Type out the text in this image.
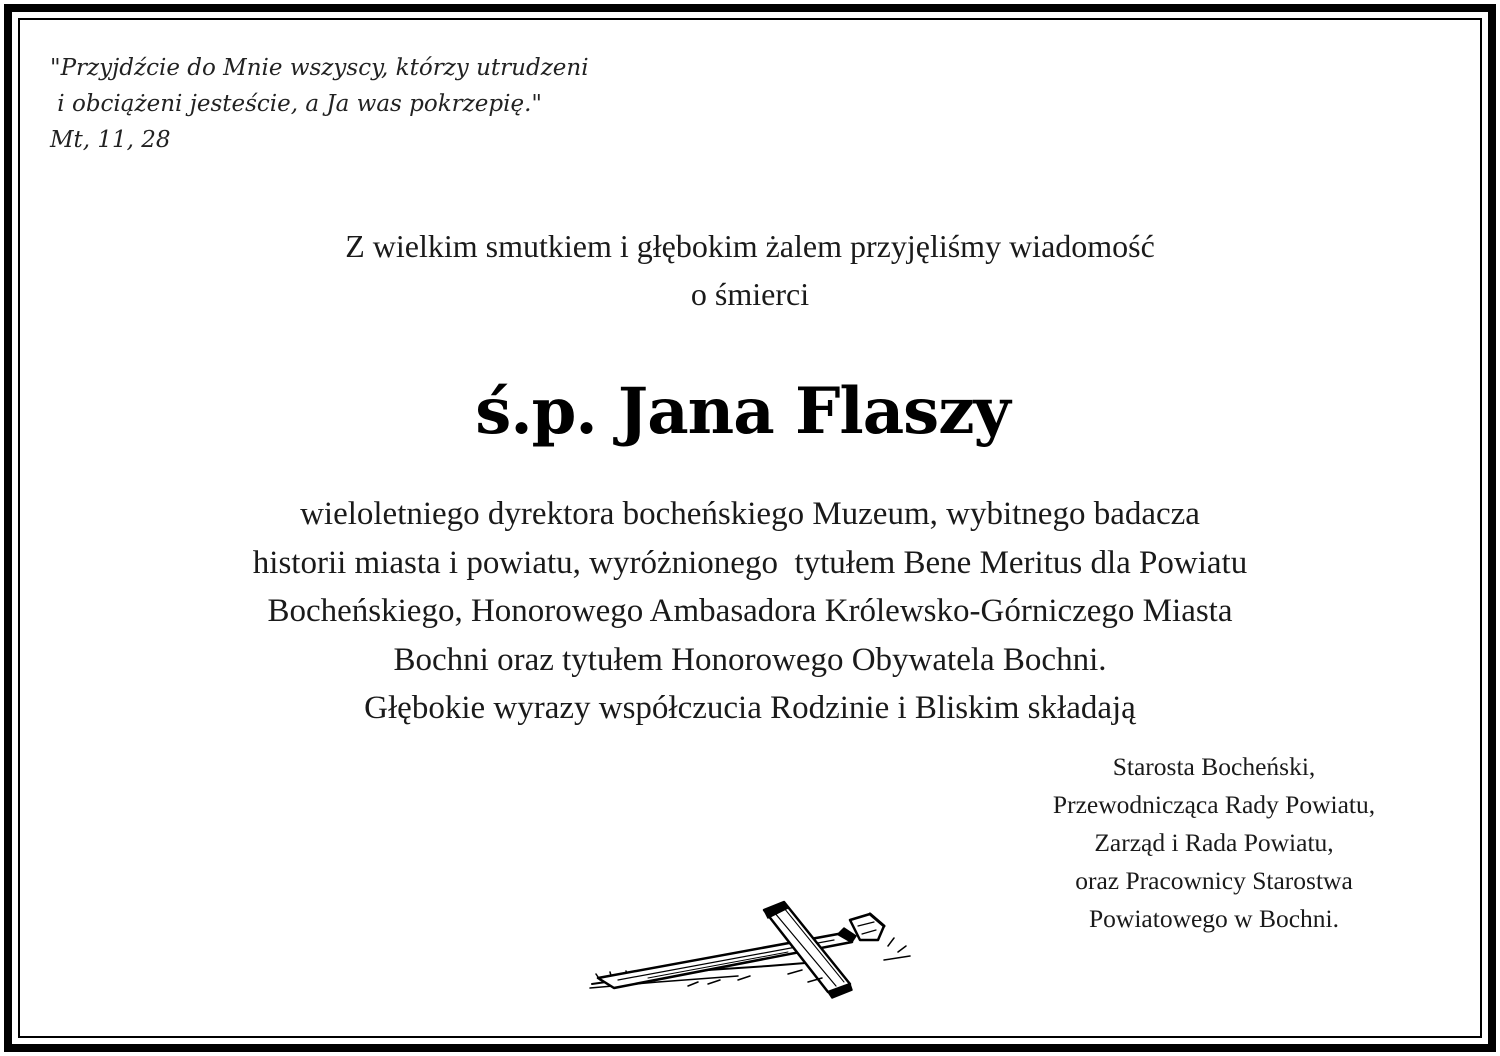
"Przyjdźcie do Mnie wszyscy, którzy utrudzeni
i obciążeni jesteście, a Ja was pokrzepię."
Mt, 11, 28
Z wielkim smutkiem i głębokim żalem przyjęliśmy wiadomość
o śmierci
ś.p. Jana Flaszy
wieloletniego dyrektora bocheńskiego Muzeum, wybitnego badacza
historii miasta i powiatu, wyróżnionego  tytułem Bene Meritus dla Powiatu
Bocheńskiego, Honorowego Ambasadora Królewsko-Górniczego Miasta
Bochni oraz tytułem Honorowego Obywatela Bochni.
Głębokie wyrazy współczucia Rodzinie i Bliskim składają
Starosta Bocheński,
Przewodnicząca Rady Powiatu,
Zarząd i Rada Powiatu,
oraz Pracownicy Starostwa
Powiatowego w Bochni.
